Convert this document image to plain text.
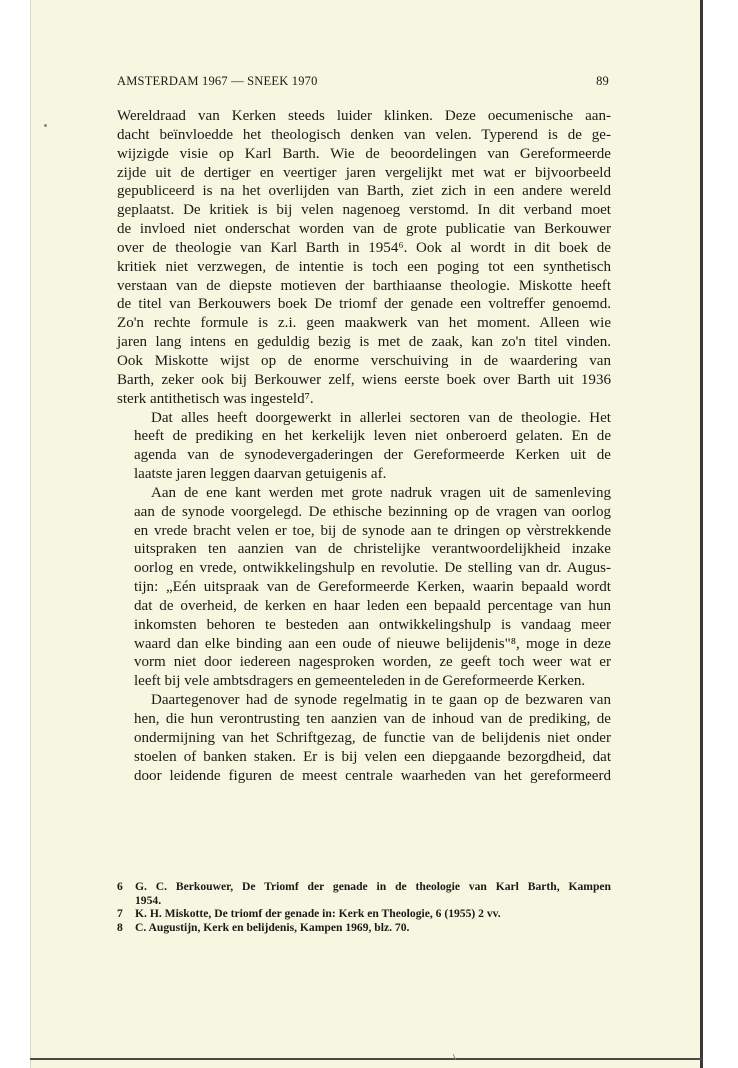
AMSTERDAM 1967 — SNEEK 1970	89

Wereldraad van Kerken steeds luider klinken. Deze oecumenische aan-
dacht beïnvloedde het theologisch denken van velen. Typerend is de ge-
wijzigde visie op Karl Barth. Wie de beoordelingen van Gereformeerde
zijde uit de dertiger en veertiger jaren vergelijkt met wat er bijvoorbeeld
gepubliceerd is na het overlijden van Barth, ziet zich in een andere wereld
geplaatst. De kritiek is bij velen nagenoeg verstomd. In dit verband moet
de invloed niet onderschat worden van de grote publicatie van Berkouwer
over de theologie van Karl Barth in 1954⁶. Ook al wordt in dit boek de
kritiek niet verzwegen, de intentie is toch een poging tot een synthetisch
verstaan van de diepste motieven der barthiaanse theologie. Miskotte heeft
de titel van Berkouwers boek De triomf der genade een voltreffer genoemd.
Zo'n rechte formule is z.i. geen maakwerk van het moment. Alleen wie
jaren lang intens en geduldig bezig is met de zaak, kan zo'n titel vinden.
Ook Miskotte wijst op de enorme verschuiving in de waardering van
Barth, zeker ook bij Berkouwer zelf, wiens eerste boek over Barth uit 1936
sterk antithetisch was ingesteld⁷.

Dat alles heeft doorgewerkt in allerlei sectoren van de theologie. Het
heeft de prediking en het kerkelijk leven niet onberoerd gelaten. En de
agenda van de synodevergaderingen der Gereformeerde Kerken uit de
laatste jaren leggen daarvan getuigenis af.

Aan de ene kant werden met grote nadruk vragen uit de samenleving
aan de synode voorgelegd. De ethische bezinning op de vragen van oorlog
en vrede bracht velen er toe, bij de synode aan te dringen op vèrstrekkende
uitspraken ten aanzien van de christelijke verantwoordelijkheid inzake
oorlog en vrede, ontwikkelingshulp en revolutie. De stelling van dr. Augus-
tijn: „Eén uitspraak van de Gereformeerde Kerken, waarin bepaald wordt
dat de overheid, de kerken en haar leden een bepaald percentage van hun
inkomsten behoren te besteden aan ontwikkelingshulp is vandaag meer
waard dan elke binding aan een oude of nieuwe belijdenis"⁸, moge in deze
vorm niet door iedereen nagesproken worden, ze geeft toch weer wat er
leeft bij vele ambtsdragers en gemeenteleden in de Gereformeerde Kerken.

Daartegenover had de synode regelmatig in te gaan op de bezwaren van
hen, die hun verontrusting ten aanzien van de inhoud van de prediking, de
ondermijning van het Schriftgezag, de functie van de belijdenis niet onder
stoelen of banken staken. Er is bij velen een diepgaande bezorgdheid, dat
door leidende figuren de meest centrale waarheden van het gereformeerd

6 G. C. Berkouwer, De Triomf der genade in de theologie van Karl Barth, Kampen
1954.
7 K. H. Miskotte, De triomf der genade in: Kerk en Theologie, 6 (1955) 2 vv.
8 C. Augustijn, Kerk en belijdenis, Kampen 1969, blz. 70.
